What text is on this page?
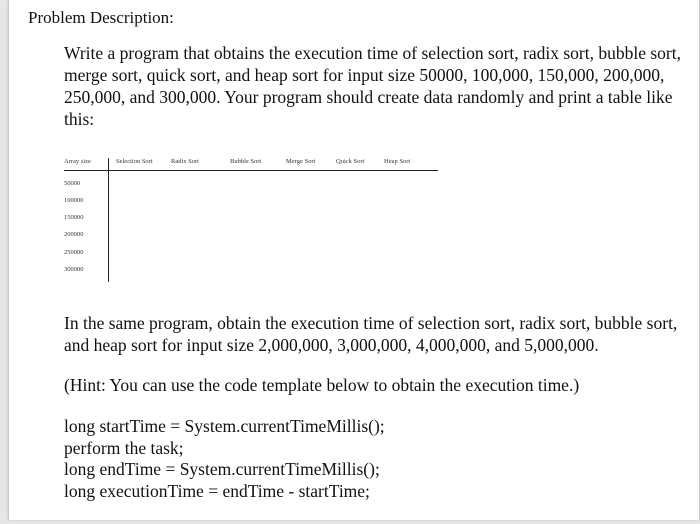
Problem Description:
Write a program that obtains the execution time of selection sort, radix sort, bubble sort, merge sort, quick sort, and heap sort for input size 50000, 100,000, 150,000, 200,000, 250,000, and 300,000. Your program should create data randomly and print a table like this:
Array size	Selection Sort	Radix Sort	Bubble Sort	Merge Sort	Quick Sort	Heap Sort
50000
100000
150000
200000
250000
300000
In the same program, obtain the execution time of selection sort, radix sort, bubble sort, and heap sort for input size 2,000,000, 3,000,000, 4,000,000, and 5,000,000.
(Hint: You can use the code template below to obtain the execution time.)
long startTime = System.currentTimeMillis();
perform the task;
long endTime = System.currentTimeMillis();
long executionTime = endTime - startTime;
